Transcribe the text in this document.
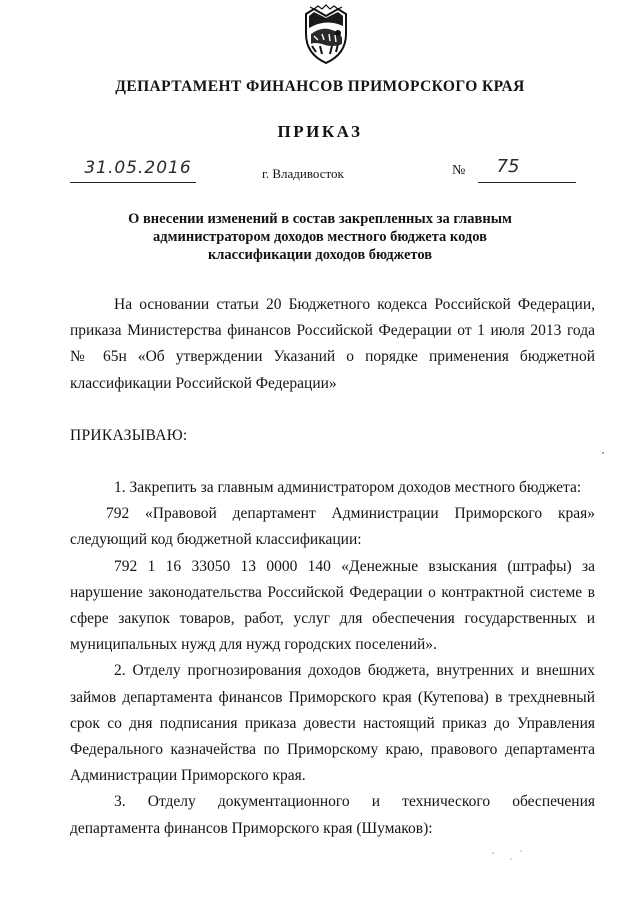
ДЕПАРТАМЕНТ ФИНАНСОВ ПРИМОРСКОГО КРАЯ
ПРИКАЗ
31.05.2016	г. Владивосток	№	75
О внесении изменений в состав закрепленных за главным
администратором доходов местного бюджета кодов
классификации доходов бюджетов

На основании статьи 20 Бюджетного кодекса Российской Федерации, приказа Министерства финансов Российской Федерации от 1 июля 2013 года № 65н «Об утверждении Указаний о порядке применения бюджетной классификации Российской Федерации»

ПРИКАЗЫВАЮ:

1. Закрепить за главным администратором доходов местного бюджета:

792 «Правовой департамент Администрации Приморского края» следующий код бюджетной классификации:

792 1 16 33050 13 0000 140 «Денежные взыскания (штрафы) за нарушение законодательства Российской Федерации о контрактной системе в сфере закупок товаров, работ, услуг для обеспечения государственных и муниципальных нужд для нужд городских поселений».

2. Отделу прогнозирования доходов бюджета, внутренних и внешних займов департамента финансов Приморского края (Кутепова) в трехдневный срок со дня подписания приказа довести настоящий приказ до Управления Федерального казначейства по Приморскому краю, правового департамента Администрации Приморского края.

3. Отделу документационного и технического обеспечения департамента финансов Приморского края (Шумаков):
